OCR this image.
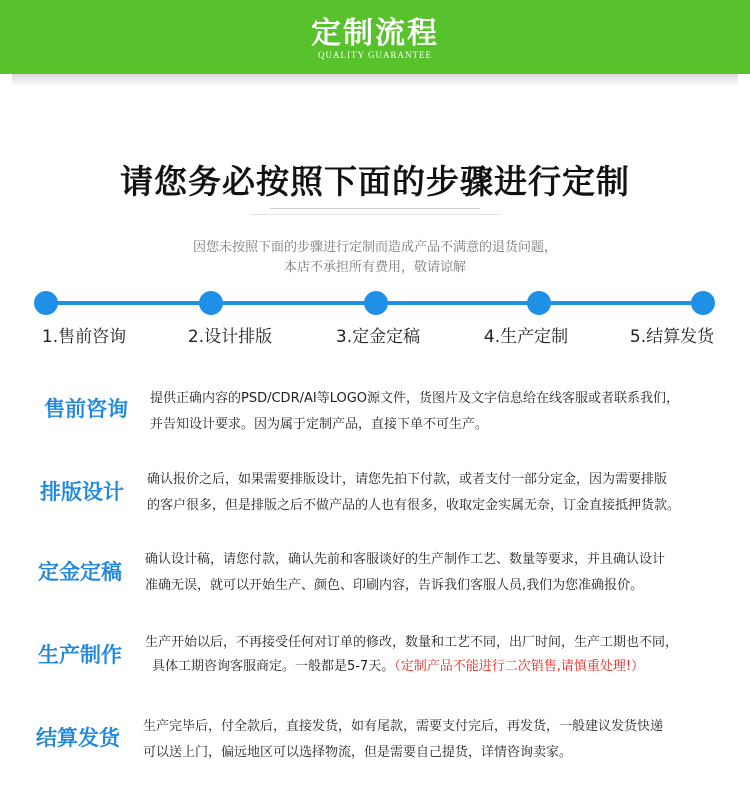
定制流程
QUALITY GUARANTEE
请您务必按照下面的步骤进行定制
因您未按照下面的步骤进行定制而造成产品不满意的退货问题，
本店不承担所有费用，敬请谅解
1.售前咨询	2.设计排版	3.定金定稿	4.生产定制	5.结算发货
售前咨询 提供正确内容的PSD/CDR/AI等LOGO源文件，货图片及文字信息给在线客服或者联系我们，
并告知设计要求。因为属于定制产品，直接下单不可生产。
排版设计
确认报价之后，如果需要排版设计，请您先拍下付款，或者支付一部分定金，因为需要排版
的客户很多，但是排版之后不做产品的人也有很多，收取定金实属无奈，订金直接抵押货款。
定金定稿
确认设计稿，请您付款，确认先前和客服谈好的生产制作工艺、数量等要求，并且确认设计
准确无误，就可以开始生产、颜色、印刷内容，告诉我们客服人员,我们为您准确报价。
生产制作
生产开始以后，不再接受任何对订单的修改，数量和工艺不同，出厂时间，生产工期也不同，
具体工期咨询客服商定。一般都是5-7天。（定制产品不能进行二次销售,请慎重处理!）
结算发货 生产完毕后，付全款后，直接发货，如有尾款，需要支付完后，再发货，一般建议发货快递
可以送上门，偏远地区可以选择物流，但是需要自己提货，详情咨询卖家。
